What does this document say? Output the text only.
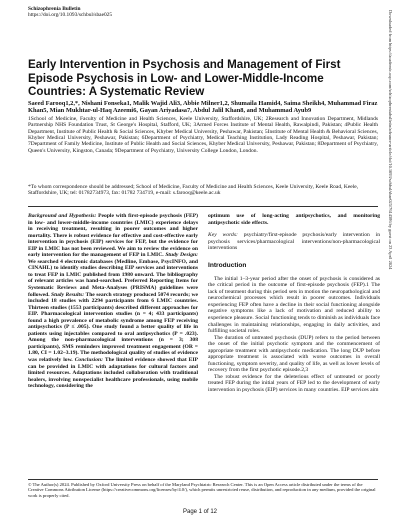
Schizophrenia Bulletin
https://doi.org/10.1093/schbul/sbae025	Downloaded from https://academic.oup.com/schizophreniabulletin/advance-article/doi/10.1093/schbul/sbae025/7614386 by guest on 23 April 2024
Early Intervention in Psychosis and Management of First Episode Psychosis in Low- and Lower-Middle-Income Countries: A Systematic Review
Saeed Farooq1,2,*, Nishani Fonseka1, Malik Wajid Ali3, Abbie Milner1,2, Shumaila Hamid4, Saima Sheikh4, Muhammad Firaz Khan5, Mian Mukhtar-ul-Haq Azeemi6, Gayan Ariyadasa7, Abdul Jalil Khan8, and Muhammad Ayub9
1School of Medicine, Faculty of Medicine and Health Sciences, Keele University, Staffordshire, UK; 2Research and Innovation Department, Midlands Partnership NHS Foundation Trust, St George's Hospital, Stafford, UK; 3Armed Forces Institute of Mental Health, Rawalpindi, Pakistan; 4Public Health Department, Institute of Public Health & Social Sciences, Khyber Medical University, Peshawar, Pakistan; 5Institute of Mental Health & Behavioral Sciences, Khyber Medical University, Peshawar, Pakistan; 6Department of Psychiatry, Medical Teaching Institution, Lady Reading Hospital, Peshawar, Pakistan; 7Department of Family Medicine, Institute of Public Health and Social Sciences, Khyber Medical University, Peshawar, Pakistan; 8Department of Psychiatry, Queen's University, Kingston, Canada; 9Department of Psychiatry, University College London, London.
*To whom correspondence should be addressed; School of Medicine, Faculty of Medicine and Health Sciences, Keele University, Keele Road, Keele, Staffordshire, UK; tel: 01782734973, fax: 01782 734719, e-mail: s.farooq@keele.ac.uk
Background and Hypothesis: People with first-episode psychosis (FEP) in low- and lower-middle-income countries (LMIC) experience delays in receiving treatment, resulting in poorer outcomes and higher mortality. There is robust evidence for effective and cost-effective early intervention in psychosis (EIP) services for FEP, but the evidence for EIP in LMIC has not been reviewed. We aim to review the evidence on early intervention for the management of FEP in LMIC. Study Design: We searched 4 electronic databases (Medline, Embase, PsycINFO, and CINAHL) to identify studies describing EIP services and interventions to treat FEP in LMIC published from 1980 onward. The bibliography of relevant articles was hand-searched. Preferred Reporting Items for Systematic Reviews and Meta-Analyses (PRISMA) guidelines were followed. Study Results: The search strategy produced 5074 records; we included 18 studies with 2294 participants from 6 LMIC countries. Thirteen studies (1553 participants) described different approaches for EIP. Pharmacological intervention studies (n = 4; 433 participants) found a high prevalence of metabolic syndrome among FEP receiving antipsychotics (P ≤ .005). One study found a better quality of life in patients using injectables compared to oral antipsychotics (P = .023). Among the non-pharmacological interventions (n = 3; 308 participants), SMS reminders improved treatment engagement (OR = 1.80, CI = 1.02–3.19). The methodological quality of studies of evidence was relatively low. Conclusion: The limited evidence showed that EIP can be provided in LMIC with adaptations for cultural factors and limited resources. Adaptations included collaboration with traditional healers, involving nonspecialist healthcare professionals, using mobile technology, considering the
optimum use of long-acting antipsychotics, and monitoring antipsychotic side effects.
Key words: psychiatry/first-episode psychosis/early intervention in psychosis services/pharmacological interventions/non-pharmacological interventions
Introduction

The initial 1–3-year period after the onset of psychosis is considered as the critical period in the outcome of first-episode psychosis (FEP).1 The lack of treatment during this period sets in motion the neuropathological and neurochemical processes which result in poorer outcomes. Individuals experiencing FEP often have a decline in their social functioning alongside negative symptoms like a lack of motivation and reduced ability to experience pleasure. Social functioning tends to diminish as individuals face challenges in maintaining relationships, engaging in daily activities, and fulfilling societal roles.

The duration of untreated psychosis (DUP) refers to the period between the onset of the initial psychotic symptom and the commencement of appropriate treatment with antipsychotic medication. The long DUP before appropriate treatment is associated with worse outcomes in overall functioning, symptom severity, and quality of life, as well as lower levels of recovery from the first psychotic episode.2,3

The robust evidence for the deleterious effect of untreated or poorly treated FEP during the initial years of FEP led to the development of early intervention in psychosis (EIP) services in many countries. EIP services aim

© The Author(s) 2024. Published by Oxford University Press on behalf of the Maryland Psychiatric Research Center. This is an Open Access article distributed under the terms of the Creative Commons Attribution License (https://creativecommons.org/licenses/by/4.0/), which permits unrestricted reuse, distribution, and reproduction in any medium, provided the original work is properly cited.
Page 1 of 12
